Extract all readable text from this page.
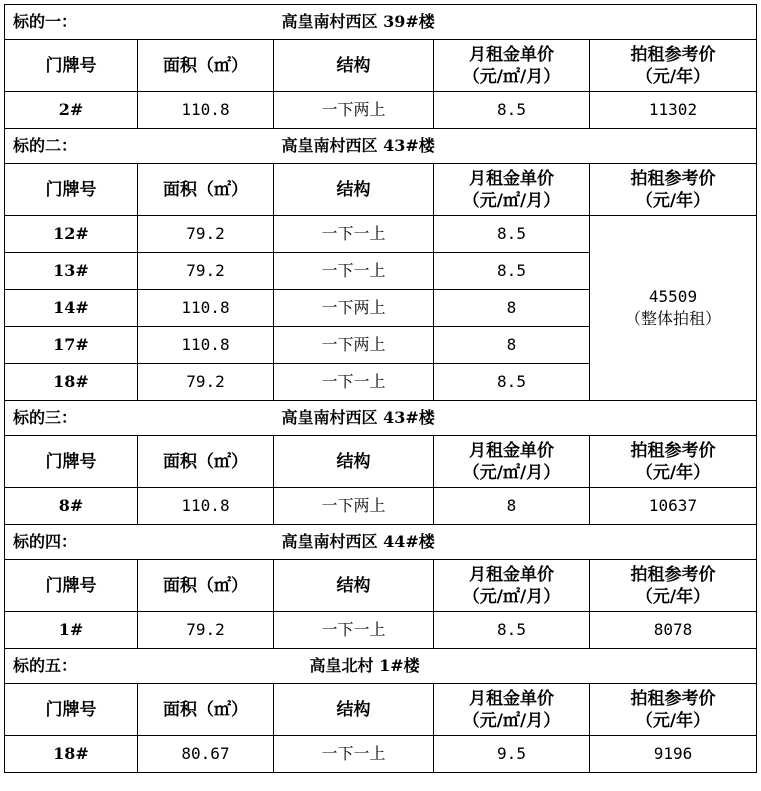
标的一：	高皇南村西区 39#楼			
门牌号	面积（㎡）	结构	月租金单价
（元/㎡/月）	拍租参考价
（元/年）

2#	110.8	一下两上	8.5	11302
标的二：	高皇南村西区 43#楼			
门牌号	面积（㎡）	结构	月租金单价
（元/㎡/月）	拍租参考价
（元/年）

12#	79.2	一下一上	8.5	45509
（整体拍租）

13#	79.2	一下一上	8.5	
14#	110.8	一下两上	8	
17#	110.8	一下两上	8	
18#	79.2	一下一上	8.5	
标的三：	高皇南村西区 43#楼			
门牌号	面积（㎡）	结构	月租金单价
（元/㎡/月）	拍租参考价
（元/年）

8#	110.8	一下两上	8	10637
标的四：	高皇南村西区 44#楼			
门牌号	面积（㎡）	结构	月租金单价
（元/㎡/月）	拍租参考价
（元/年）

1#	79.2	一下一上	8.5	8078
标的五：	高皇北村 1#楼			
门牌号	面积（㎡）	结构	月租金单价
（元/㎡/月）	拍租参考价
（元/年）

18#	80.67	一下一上	9.5	9196
